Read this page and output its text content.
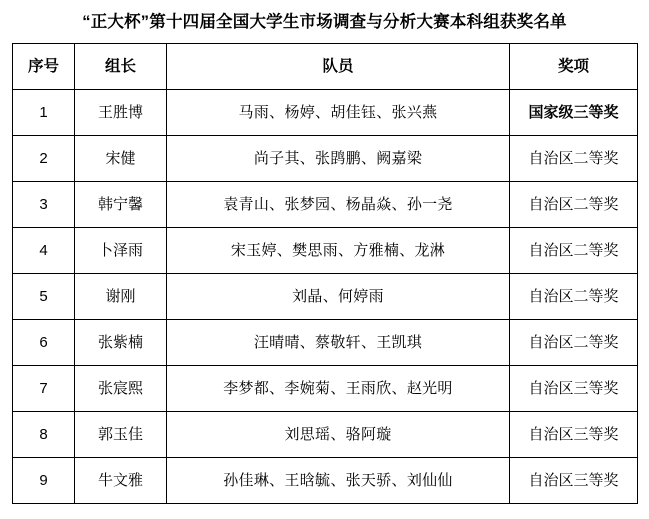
“正大杯”第十四届全国大学生市场调查与分析大赛本科组获奖名单
序号	组长	队员	奖项
1	王胜博	马雨、杨婷、胡佳钰、张兴燕	国家级三等奖
2	宋健	尚子其、张鹍鹏、阙嘉梁	自治区二等奖
3	韩宁馨	袁青山、张梦园、杨晶焱、孙一尧	自治区二等奖
4	卜泽雨	宋玉婷、樊思雨、方雅楠、龙淋	自治区二等奖
5	谢刚	刘晶、何婷雨	自治区二等奖
6	张紫楠	汪晴晴、蔡敬轩、王凯琪	自治区二等奖
7	张宸熙	李梦都、李婉菊、王雨欣、赵光明	自治区三等奖
8	郭玉佳	刘思瑶、骆阿璇	自治区三等奖
9	牛文雅	孙佳琳、王晗毓、张天骄、刘仙仙	自治区三等奖
